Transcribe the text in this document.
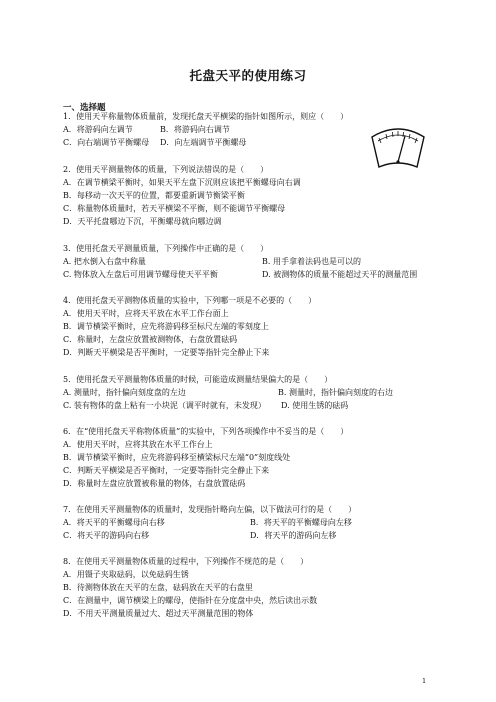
托盘天平的使用练习
一、选择题
1．使用天平称量物体质量前，发现托盘天平横梁的指针如图所示，则应（　　）
A．将游码向左调节	B．将游码向右调节
C．向右端调节平衡螺母 D．向左端调节平衡螺母
2．使用天平测量物体的质量，下列说法错误的是（　　）
A．在调节横梁平衡时，如果天平左盘下沉则应该把平衡螺母向右调
B．每移动一次天平的位置，都要重新调节衡梁平衡
C．称量物体质量时，若天平横梁不平衡，则不能调节平衡螺母
D．天平托盘哪边下沉，平衡螺母就向哪边调
3．使用托盘天平测量质量，下列操作中正确的是（　　）
A. 把水倒入右盘中称量	B. 用手拿着法码也是可以的
C. 物体放入左盘后可用调节螺母使天平平衡	D. 被测物体的质量不能超过天平的测量范围
4．使用托盘天平测物体质量的实验中，下列哪一项是不必要的（　　）
A．使用天平时，应将天平放在水平工作台面上
B．调节横梁平衡时，应先将游码移至标尺左端的零刻度上
C．称量时，左盘应放置被测物体，右盘放置砝码
D．判断天平横梁是否平衡时，一定要等指针完全静止下来
5．使用托盘天平测量物体质量的时候，可能造成测量结果偏大的是（　　）
A. 测量时，指针偏向刻度盘的左边	B. 测量时，指针偏向刻度的右边
C. 装有物体的盘上粘有一小块泥（调平时就有，未发现） D. 使用生锈的砝码
6．在“使用托盘天平称物体质量”的实验中，下列各项操作中不妥当的是（　　）
A．使用天平时，应将其放在水平工作台上
B．调节横梁平衡时，应先将游码移至横梁标尺左端“0”刻度线处
C．判断天平横梁是否平衡时，一定要等指针完全静止下来
D．称量时左盘应放置被称量的物体，右盘放置砝码
7．在使用天平测量物体的质量时，发现指针略向左偏，以下做法可行的是（　　）
A．将天平的平衡螺母向右移	B．将天平的平衡螺母向左移
C．将天平的游码向右移	D．将天平的游码向左移
8．在使用天平测量物体质量的过程中，下列操作不规范的是（　　）
A．用镊子夹取砝码，以免砝码生锈
B．待测物体放在天平的左盘，砝码放在天平的右盘里
C．在测量中，调节横梁上的螺母，使指针在分度盘中央，然后读出示数
D．不用天平测量质量过大、超过天平测量范围的物体
1
